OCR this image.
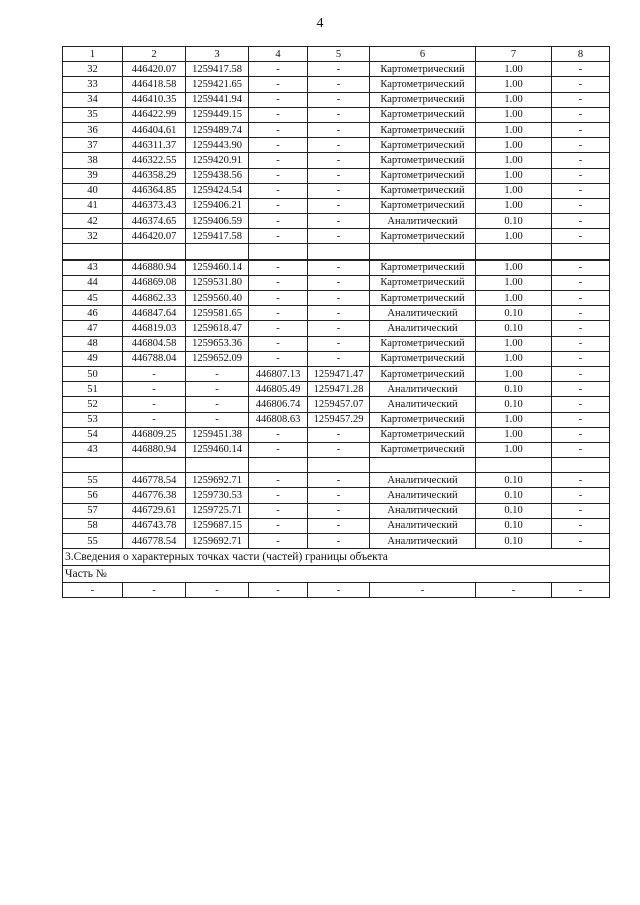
4
1	2	3	4	5	6	7	8
32	446420.07	1259417.58	-	-	Картометрический	1.00	-
33	446418.58	1259421.65	-	-	Картометрический	1.00	-
34	446410.35	1259441.94	-	-	Картометрический	1.00	-
35	446422.99	1259449.15	-	-	Картометрический	1.00	-
36	446404.61	1259489.74	-	-	Картометрический	1.00	-
37	446311.37	1259443.90	-	-	Картометрический	1.00	-
38	446322.55	1259420.91	-	-	Картометрический	1.00	-
39	446358.29	1259438.56	-	-	Картометрический	1.00	-
40	446364.85	1259424.54	-	-	Картометрический	1.00	-
41	446373.43	1259406.21	-	-	Картометрический	1.00	-
42	446374.65	1259406.59	-	-	Аналитический	0.10	-
32	446420.07	1259417.58	-	-	Картометрический	1.00	-

43	446880.94	1259460.14	-	-	Картометрический	1.00	-
44	446869.08	1259531.80	-	-	Картометрический	1.00	-
45	446862.33	1259560.40	-	-	Картометрический	1.00	-
46	446847.64	1259581.65	-	-	Аналитический	0.10	-
47	446819.03	1259618.47	-	-	Аналитический	0.10	-
48	446804.58	1259653.36	-	-	Картометрический	1.00	-
49	446788.04	1259652.09	-	-	Картометрический	1.00	-
50	-	-	446807.13	1259471.47	Картометрический	1.00	-
51	-	-	446805.49	1259471.28	Аналитический	0.10	-
52	-	-	446806.74	1259457.07	Аналитический	0.10	-
53	-	-	446808.63	1259457.29	Картометрический	1.00	-
54	446809.25	1259451.38	-	-	Картометрический	1.00	-
43	446880.94	1259460.14	-	-	Картометрический	1.00	-

55	446778.54	1259692.71	-	-	Аналитический	0.10	-
56	446776.38	1259730.53	-	-	Аналитический	0.10	-
57	446729.61	1259725.71	-	-	Аналитический	0.10	-
58	446743.78	1259687.15	-	-	Аналитический	0.10	-
55	446778.54	1259692.71	-	-	Аналитический	0.10	-
3.Сведения о характерных точках части (частей) границы объекта							
Часть №							
-	-	-	-	-	-	-	-
